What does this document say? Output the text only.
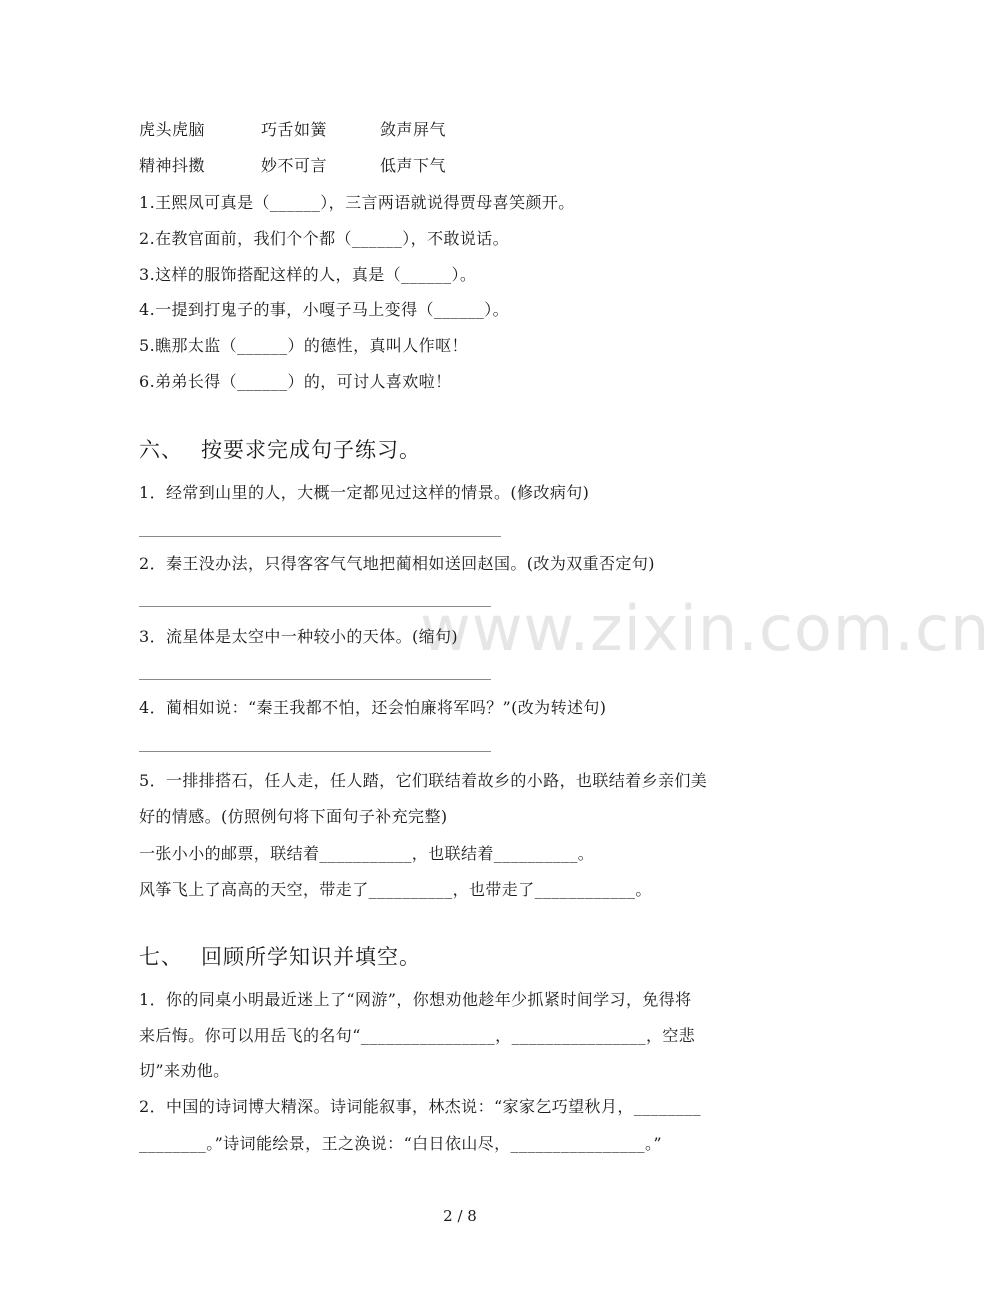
www.zixin.com.cn
虎头虎脑	巧舌如簧	敛声屏气
精神抖擞	妙不可言	低声下气
1.王熙凤可真是（______），三言两语就说得贾母喜笑颜开。
2.在教官面前，我们个个都（______），不敢说话。
3.这样的服饰搭配这样的人，真是（______）。
4.一提到打鬼子的事，小嘎子马上变得（______）。
5.瞧那太监（______）的德性，真叫人作呕！
6.弟弟长得（______）的，可讨人喜欢啦！
六、 按要求完成句子练习。
1．经常到山里的人，大概一定都见过这样的情景。(修改病句)
2．秦王没办法，只得客客气气地把蔺相如送回赵国。(改为双重否定句)
3．流星体是太空中一种较小的天体。(缩句)
4．蔺相如说：“秦王我都不怕，还会怕廉将军吗？”(改为转述句)
5．一排排搭石，任人走，任人踏，它们联结着故乡的小路，也联结着乡亲们美
好的情感。(仿照例句将下面句子补充完整)
一张小小的邮票，联结着___________，也联结着__________。
风筝飞上了高高的天空，带走了__________，也带走了____________。
七、 回顾所学知识并填空。
1．你的同桌小明最近迷上了“网游”，你想劝他趁年少抓紧时间学习，免得将
来后悔。你可以用岳飞的名句“________________，________________，空悲
切”来劝他。
2．中国的诗词博大精深。诗词能叙事，林杰说：“家家乞巧望秋月，________
________。”诗词能绘景，王之涣说：“白日依山尽，________________。”
2 / 8
